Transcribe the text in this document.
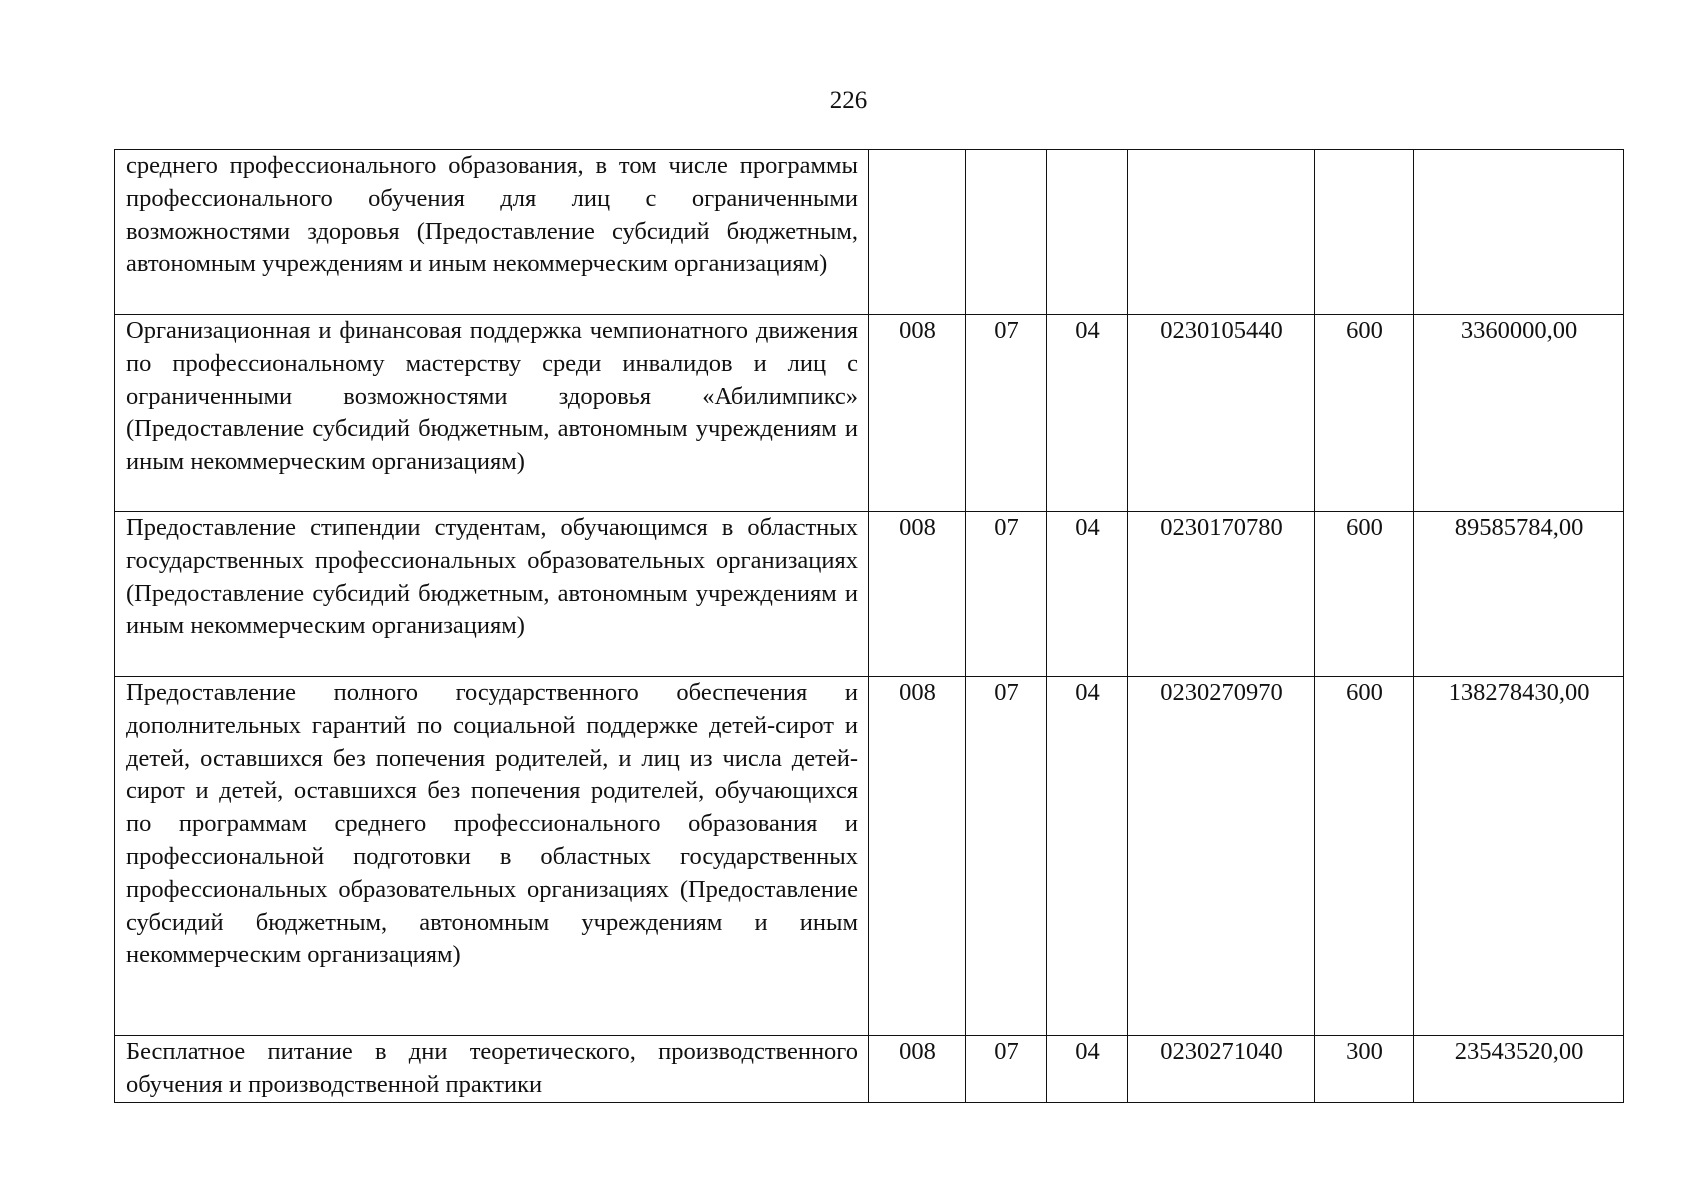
226
среднего профессионального образования, в том числе программы профессионального обучения для лиц с ограниченными возможностями здоровья (Предоставление субсидий бюджетным, автономным учреждениям и иным некоммерческим организациям)						
Организационная и финансовая поддержка чемпионатного движения по профессиональному мастерству среди инвалидов и лиц с ограниченными возможностями здоровья «Абилимпикс» (Предоставление субсидий бюджетным, автономным учреждениям и иным некоммерческим организациям)	008	07	04	0230105440	600	3360000,00
Предоставление стипендии студентам, обучающимся в областных государственных профессиональных образовательных организациях (Предоставление субсидий бюджетным, автономным учреждениям и иным некоммерческим организациям)	008	07	04	0230170780	600	89585784,00
Предоставление полного государственного обеспечения и дополнительных гарантий по социальной поддержке детей-сирот и детей, оставшихся без попечения родителей, и лиц из числа детей-сирот и детей, оставшихся без попечения родителей, обучающихся по программам среднего профессионального образования и профессиональной подготовки в областных государственных профессиональных образовательных организациях (Предоставление субсидий бюджетным, автономным учреждениям и иным некоммерческим организациям)	008	07	04	0230270970	600	138278430,00
Бесплатное питание в дни теоретического, производственного обучения и производственной практики	008	07	04	0230271040	300	23543520,00
